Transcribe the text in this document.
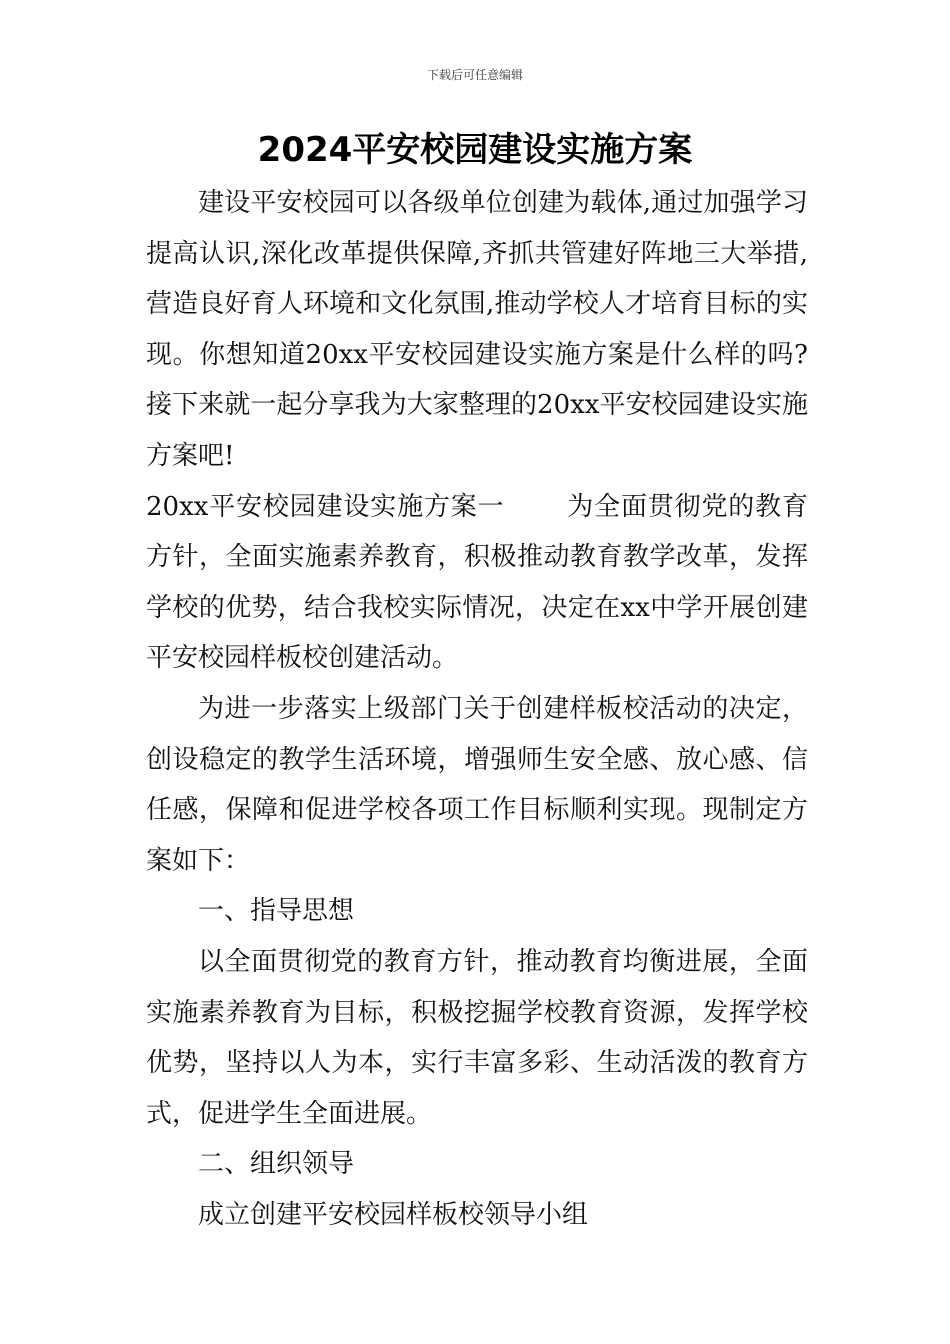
下载后可任意编辑
2024平安校园建设实施方案

建设平安校园可以各级单位创建为载体,通过加强学习提高认识,深化改革提供保障,齐抓共管建好阵地三大举措,营造良好育人环境和文化氛围,推动学校人才培育目标的实现。你想知道20xx平安校园建设实施方案是什么样的吗?接下来就一起分享我为大家整理的20xx平安校园建设实施方案吧!

20xx平安校园建设实施方案一 为全面贯彻党的教育方针，全面实施素养教育，积极推动教育教学改革，发挥学校的优势，结合我校实际情况，决定在xx中学开展创建平安校园样板校创建活动。

为进一步落实上级部门关于创建样板校活动的决定，创设稳定的教学生活环境，增强师生安全感、放心感、信任感，保障和促进学校各项工作目标顺利实现。现制定方案如下：

一、指导思想

以全面贯彻党的教育方针，推动教育均衡进展，全面实施素养教育为目标，积极挖掘学校教育资源，发挥学校优势，坚持以人为本，实行丰富多彩、生动活泼的教育方式，促进学生全面进展。

二、组织领导

成立创建平安校园样板校领导小组
